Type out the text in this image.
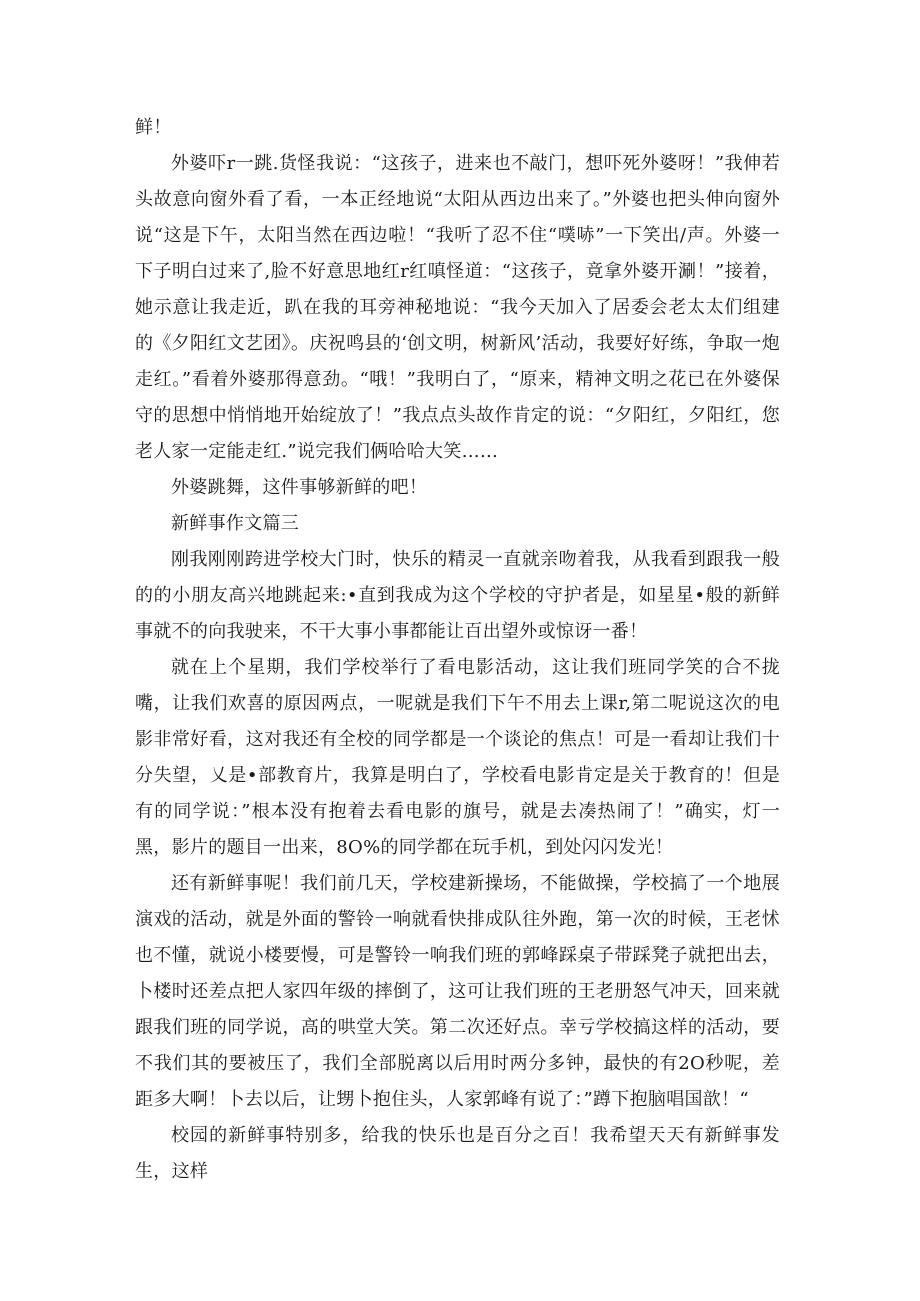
鲜！

外婆吓r一跳.货怪我说：“这孩子，进来也不敲门，想吓死外婆呀！”我伸若头故意向窗外看了看，一本正经地说“太阳从西边出来了。”外婆也把头伸向窗外说“这是下午，太阳当然在西边啦！“我听了忍不住“噗哧”一下笑出/声。外婆一下子明白过来了,脸不好意思地红r红嗔怪道：“这孩子，竟拿外婆开涮！”接着，她示意让我走近，趴在我的耳旁神秘地说：“我今天加入了居委会老太太们组建的《夕阳红文艺团》。庆祝鸣县的‘创文明，树新风’活动，我要好好练，争取一炮走红。”看着外婆那得意劲。“哦！”我明白了，“原来，精神文明之花已在外婆保守的思想中悄悄地开始绽放了！”我点点头故作肯定的说：“夕阳红，夕阳红，您老人家一定能走红.”说完我们俩哈哈大笑……

外婆跳舞，这件事够新鲜的吧！

新鲜事作文篇三

刚我刚刚跨进学校大门时，快乐的精灵一直就亲吻着我，从我看到跟我一般的的小朋友高兴地跳起来:•直到我成为这个学校的守护者是，如星星•般的新鲜事就不的向我驶来，不干大事小事都能让百出望外或惊讶一番！

就在上个星期，我们学校举行了看电影活动，这让我们班同学笑的合不拢嘴，让我们欢喜的原因两点，一呢就是我们下午不用去上课r,第二呢说这次的电影非常好看，这对我还有全校的同学都是一个谈论的焦点！可是一看却让我们十分失望，乂是•部教育片，我算是明白了，学校看电影肯定是关于教育的！但是有的同学说：”根本没有抱着去看电影的旗号，就是去凑热闹了！”确实，灯一黑，影片的题目一出来，8O%的同学都在玩手机，到处闪闪发光！

还有新鲜事呢！我们前几天，学校建新操场，不能做操，学校搞了一个地展演戏的活动，就是外面的警铃一响就看快排成队往外跑，第一次的时候，王老怵也不懂，就说小楼要慢，可是警铃一响我们班的郭峰踩桌子带踩凳子就把出去，卜楼时还差点把人家四年级的摔倒了，这可让我们班的王老册怒气冲天，回来就跟我们班的同学说，高的哄堂大笑。第二次还好点。幸亏学校搞这样的活动，要不我们其的要被压了，我们全部脱离以后用时两分多钟，最快的有2O秒呢，差距多大啊！卜去以后，让甥卜抱住头，人家郭峰有说了：”蹲下抱脑唱国歆！“

校园的新鲜事特别多，给我的快乐也是百分之百！我希望天天有新鲜事发生，这样
